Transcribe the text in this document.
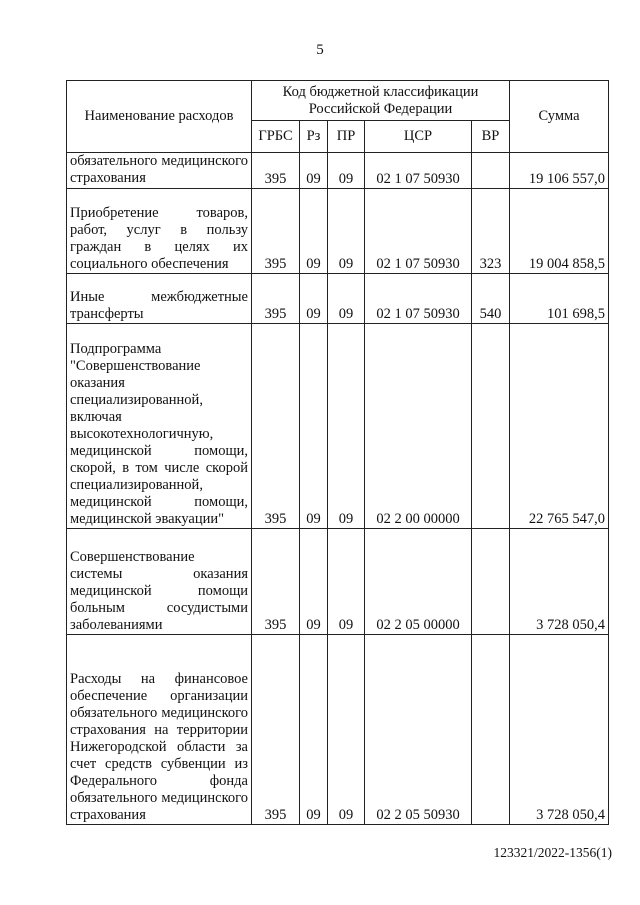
5
Наименование расходов	Код бюджетной классификации Российской Федерации					Сумма
	ГРБС	Рз	ПР	ЦСР	ВР	
обязательного медицинского страхования	395	09	09	02 1 07 50930		19 106 557,0
Приобретение товаров, работ, услуг в пользу граждан в целях их социального обеспечения	395	09	09	02 1 07 50930	323	19 004 858,5
Иные межбюджетные трансферты	395	09	09	02 1 07 50930	540	101 698,5
Подпрограмма "Совершенствование оказания специализированной, включая высокотехнологичную, медицинской помощи, скорой, в том числе скорой специализированной, медицинской помощи, медицинской эвакуации"	395	09	09	02 2 00 00000		22 765 547,0
Совершенствование системы оказания медицинской помощи больным сосудистыми заболеваниями	395	09	09	02 2 05 00000		3 728 050,4
Расходы на финансовое обеспечение организации обязательного медицинского страхования на территории Нижегородской области за счет средств субвенции из Федерального фонда обязательного медицинского страхования	395	09	09	02 2 05 50930		3 728 050,4
123321/2022-1356(1)
